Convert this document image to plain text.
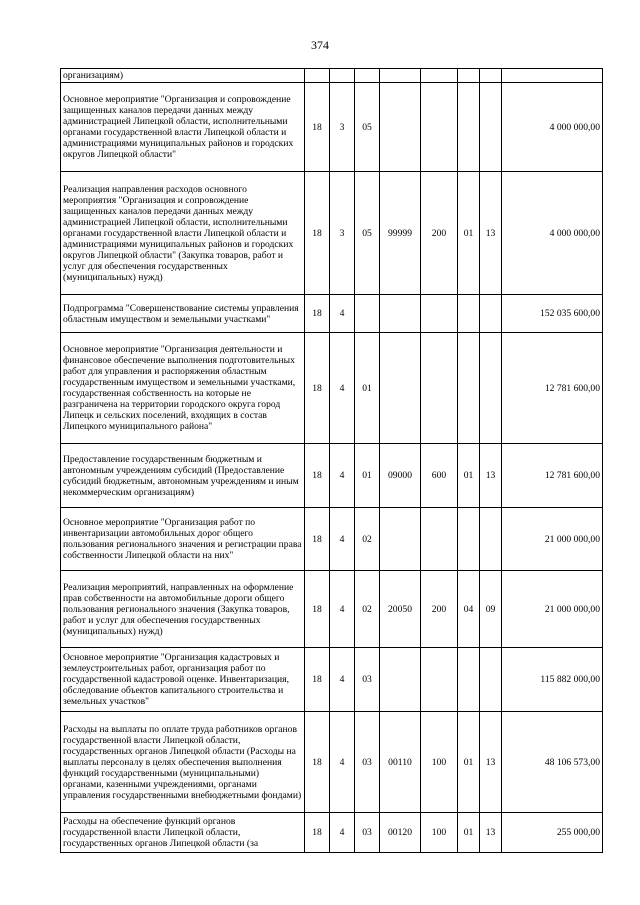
374
организациям)								
Основное мероприятие "Организация и сопровождение защищенных каналов передачи данных между администрацией Липецкой области, исполнительными органами государственной власти Липецкой области и администрациями муниципальных районов и городских округов Липецкой области"	18	3	05					4 000 000,00
Реализация направления расходов основного мероприятия "Организация и сопровождение защищенных каналов передачи данных между администрацией Липецкой области, исполнительными органами государственной власти Липецкой области и администрациями муниципальных районов и городских округов Липецкой области" (Закупка товаров, работ и услуг для обеспечения государственных (муниципальных) нужд)	18	3	05	99999	200	01	13	4 000 000,00
Подпрограмма "Совершенствование системы управления областным имуществом и земельными участками"	18	4						152 035 600,00
Основное мероприятие "Организация деятельности и финансовое обеспечение выполнения подготовительных работ для управления и распоряжения областным государственным имуществом и земельными участками, государственная собственность на которые не разграничена на территории городского округа город Липецк и сельских поселений, входящих в состав Липецкого муниципального района"	18	4	01					12 781 600,00
Предоставление государственным бюджетным и автономным учреждениям субсидий (Предоставление субсидий бюджетным, автономным учреждениям и иным некоммерческим организациям)	18	4	01	09000	600	01	13	12 781 600,00
Основное мероприятие "Организация работ по инвентаризации автомобильных дорог общего пользования регионального значения и регистрации права собственности Липецкой области на них"	18	4	02					21 000 000,00
Реализация мероприятий, направленных на оформление прав собственности на автомобильные дороги общего пользования регионального значения (Закупка товаров, работ и услуг для обеспечения государственных (муниципальных) нужд)	18	4	02	20050	200	04	09	21 000 000,00
Основное мероприятие "Организация кадастровых и землеустроительных работ, организация работ по государственной кадастровой оценке. Инвентаризация, обследование объектов капитального строительства и земельных участков"	18	4	03					115 882 000,00
Расходы на выплаты по оплате труда работников органов государственной власти Липецкой области, государственных органов Липецкой области (Расходы на выплаты персоналу в целях обеспечения выполнения функций государственными (муниципальными) органами, казенными учреждениями, органами управления государственными внебюджетными фондами)	18	4	03	00110	100	01	13	48 106 573,00
Расходы на обеспечение функций органов государственной власти Липецкой области, государственных органов Липецкой области (за	18	4	03	00120	100	01	13	255 000,00
